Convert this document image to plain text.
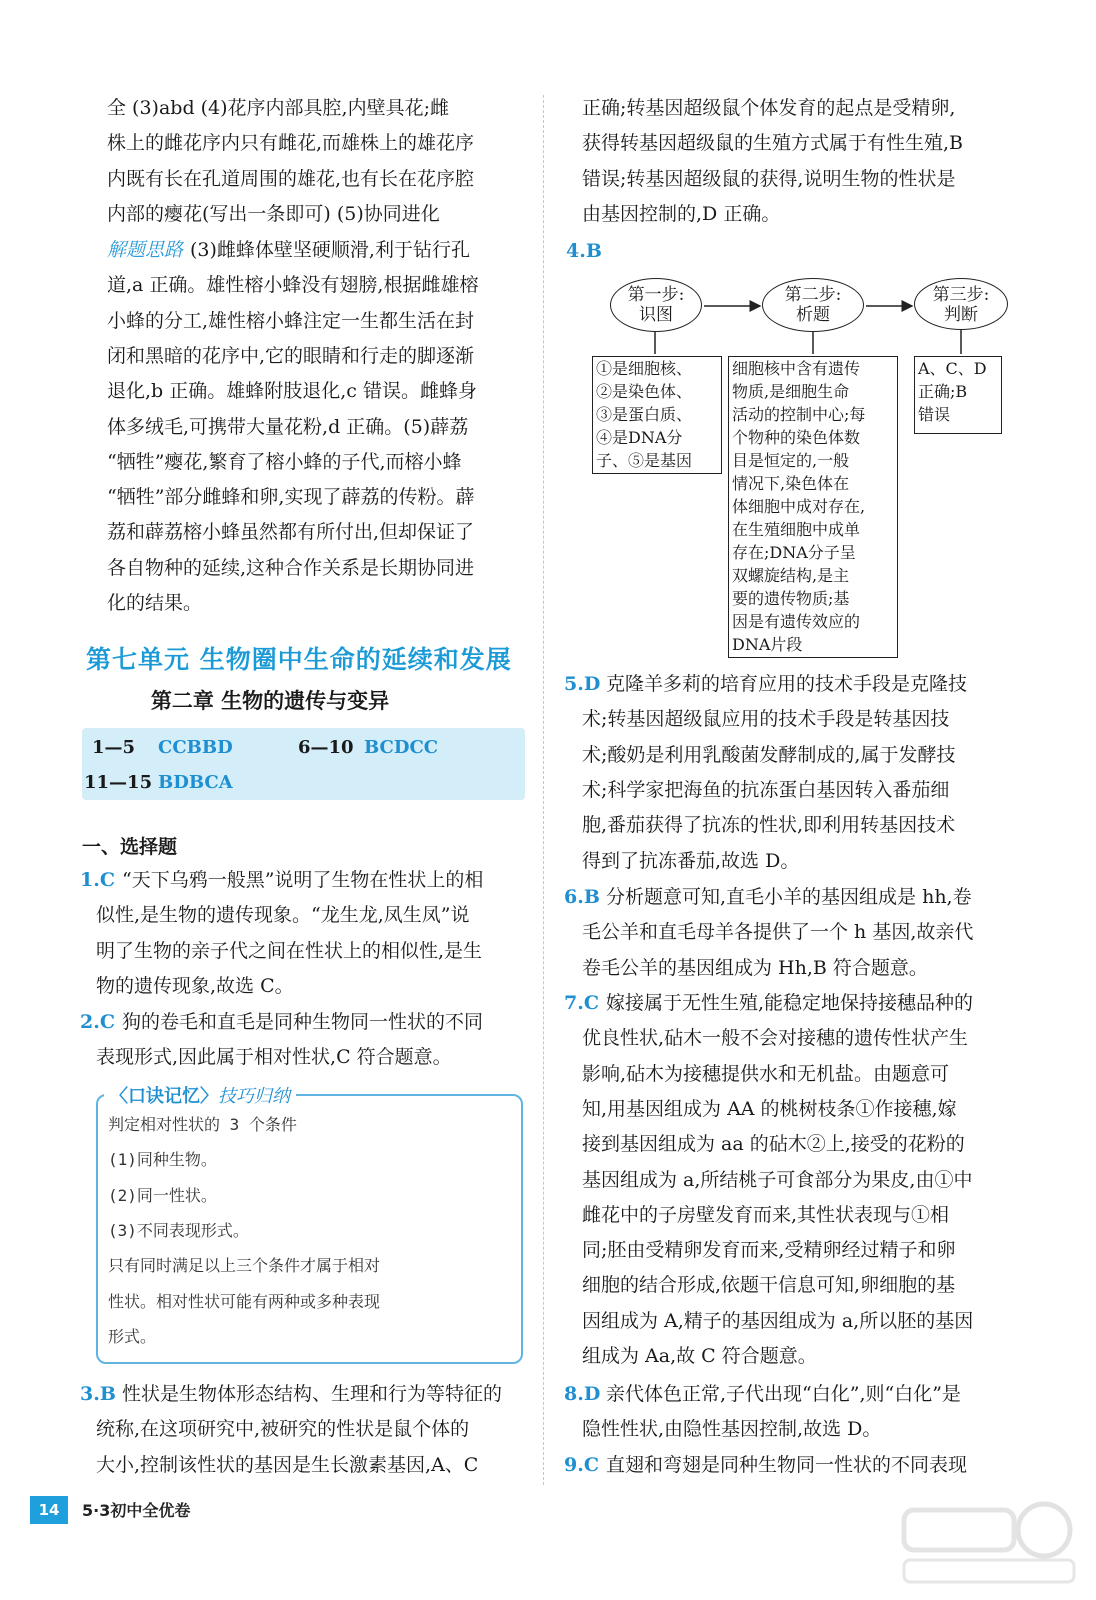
全 (3)abd (4)花序内部具腔,内壁具花;雌
株上的雌花序内只有雌花,而雄株上的雄花序
内既有长在孔道周围的雄花,也有长在花序腔
内部的瘿花(写出一条即可) (5)协同进化
解题思路 (3)雌蜂体壁坚硬顺滑,利于钻行孔
道,a 正确。雄性榕小蜂没有翅膀,根据雌雄榕
小蜂的分工,雄性榕小蜂注定一生都生活在封
闭和黑暗的花序中,它的眼睛和行走的脚逐渐
退化,b 正确。雄蜂附肢退化,c 错误。雌蜂身
体多绒毛,可携带大量花粉,d 正确。(5)薜荔
“牺牲”瘿花,繁育了榕小蜂的子代,而榕小蜂
“牺牲”部分雌蜂和卵,实现了薜荔的传粉。薜
荔和薜荔榕小蜂虽然都有所付出,但却保证了
各自物种的延续,这种合作关系是长期协同进
化的结果。
第七单元 生物圈中生命的延续和发展
第二章 生物的遗传与变异
1—5 CCBBD	6—10 BCDCC
11—15 BDBCA
一、选择题
1.C “天下乌鸦一般黑”说明了生物在性状上的相
似性,是生物的遗传现象。“龙生龙,凤生凤”说
明了生物的亲子代之间在性状上的相似性,是生
物的遗传现象,故选 C。
2.C 狗的卷毛和直毛是同种生物同一性状的不同
表现形式,因此属于相对性状,C 符合题意。
〈口诀记忆〉技巧归纳
判定相对性状的 3 个条件
(1)同种生物。
(2)同一性状。
(3)不同表现形式。
只有同时满足以上三个条件才属于相对
性状。相对性状可能有两种或多种表现
形式。
3.B 性状是生物体形态结构、生理和行为等特征的
统称,在这项研究中,被研究的性状是鼠个体的
大小,控制该性状的基因是生长激素基因,A、C
正确;转基因超级鼠个体发育的起点是受精卵,
获得转基因超级鼠的生殖方式属于有性生殖,B
错误;转基因超级鼠的获得,说明生物的性状是
由基因控制的,D 正确。
4.B
第一步:
识图
第二步:
析题
第三步:
判断
①是细胞核、
②是染色体、
③是蛋白质、
④是DNA分
子、⑤是基因
细胞核中含有遗传
物质,是细胞生命
活动的控制中心;每
个物种的染色体数
目是恒定的,一般
情况下,染色体在
体细胞中成对存在,
在生殖细胞中成单
存在;DNA分子呈
双螺旋结构,是主
要的遗传物质;基
因是有遗传效应的
DNA片段
A、C、D
正确;B
错误
5.D 克隆羊多莉的培育应用的技术手段是克隆技
术;转基因超级鼠应用的技术手段是转基因技
术;酸奶是利用乳酸菌发酵制成的,属于发酵技
术;科学家把海鱼的抗冻蛋白基因转入番茄细
胞,番茄获得了抗冻的性状,即利用转基因技术
得到了抗冻番茄,故选 D。
6.B 分析题意可知,直毛小羊的基因组成是 hh,卷
毛公羊和直毛母羊各提供了一个 h 基因,故亲代
卷毛公羊的基因组成为 Hh,B 符合题意。
7.C 嫁接属于无性生殖,能稳定地保持接穗品种的
优良性状,砧木一般不会对接穗的遗传性状产生
影响,砧木为接穗提供水和无机盐。由题意可
知,用基因组成为 AA 的桃树枝条①作接穗,嫁
接到基因组成为 aa 的砧木②上,接受的花粉的
基因组成为 a,所结桃子可食部分为果皮,由①中
雌花中的子房壁发育而来,其性状表现与①相
同;胚由受精卵发育而来,受精卵经过精子和卵
细胞的结合形成,依题干信息可知,卵细胞的基
因组成为 A,精子的基因组成为 a,所以胚的基因
组成为 Aa,故 C 符合题意。
8.D 亲代体色正常,子代出现“白化”,则“白化”是
隐性性状,由隐性基因控制,故选 D。
9.C 直翅和弯翅是同种生物同一性状的不同表现
14	5·3初中全优卷
